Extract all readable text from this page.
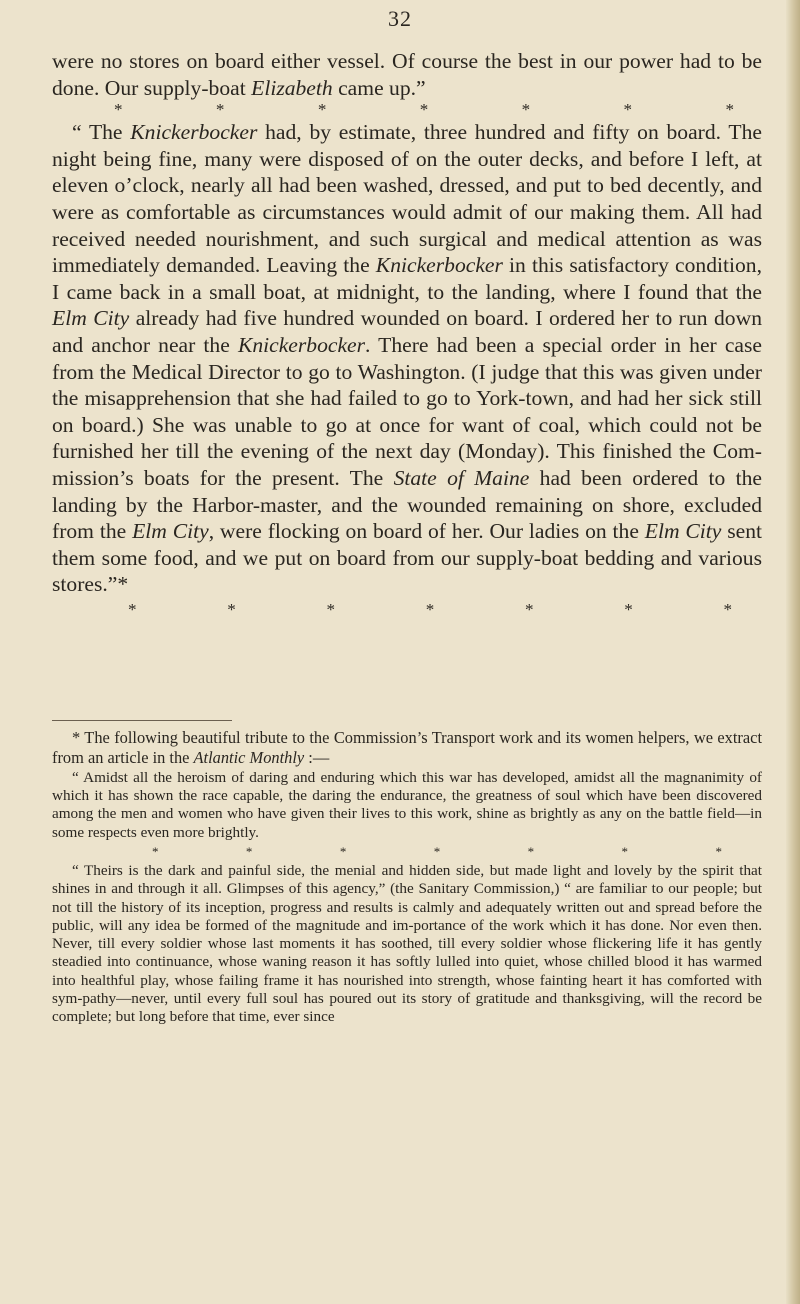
32

were no stores on board either vessel. Of course the best in our power had to be done. Our supply-boat Elizabeth came up.”

*	*	*	*	*	*	*

“ The Knickerbocker had, by estimate, three hundred and fifty on board. The night being fine, many were disposed of on the outer decks, and before I left, at eleven o’clock, nearly all had been washed, dressed, and put to bed decently, and were as comfortable as circumstances would admit of our making them. All had received needed nourishment, and such surgical and medical attention as was immediately demanded. Leaving the Knickerbocker in this satisfactory condition, I came back in a small boat, at midnight, to the landing, where I found that the Elm City already had five hundred wounded on board. I ordered her to run down and anchor near the Knickerbocker. There had been a special order in her case from the Medical Director to go to Washington. (I judge that this was given under the misapprehension that she had failed to go to York-town, and had her sick still on board.) She was unable to go at once for want of coal, which could not be furnished her till the evening of the next day (Monday). This finished the Com-mission’s boats for the present. The State of Maine had been ordered to the landing by the Harbor-master, and the wounded remaining on shore, excluded from the Elm City, were flocking on board of her. Our ladies on the Elm City sent them some food, and we put on board from our supply-boat bedding and various stores.”*

*	*	*	*	*	*	*

* The following beautiful tribute to the Commission’s Transport work and its women helpers, we extract from an article in the Atlantic Monthly :—

“ Amidst all the heroism of daring and enduring which this war has developed, amidst all the magnanimity of which it has shown the race capable, the daring the endurance, the greatness of soul which have been discovered among the men and women who have given their lives to this work, shine as brightly as any on the battle field—in some respects even more brightly.

*	*	*	*	*	*	*

“ Theirs is the dark and painful side, the menial and hidden side, but made light and lovely by the spirit that shines in and through it all. Glimpses of this agency,” (the Sanitary Commission,) “ are familiar to our people; but not till the history of its inception, progress and results is calmly and adequately written out and spread before the public, will any idea be formed of the magnitude and im-portance of the work which it has done. Nor even then. Never, till every soldier whose last moments it has soothed, till every soldier whose flickering life it has gently steadied into continuance, whose waning reason it has softly lulled into quiet, whose chilled blood it has warmed into healthful play, whose failing frame it has nourished into strength, whose fainting heart it has comforted with sym-pathy—never, until every full soul has poured out its story of gratitude and thanksgiving, will the record be complete; but long before that time, ever since
